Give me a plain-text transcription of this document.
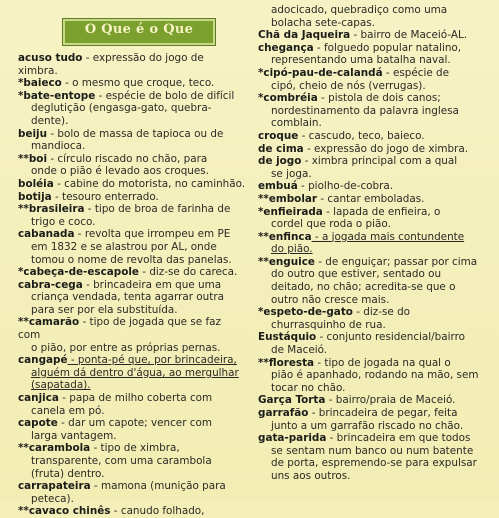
O Que é o Que

acuso tudo - expressão do jogo de ximbra.

*baieco - o mesmo que croque, teco.

*bate-entope - espécie de bolo de difícil
deglutição (engasga-gato, quebra-dente).

beiju - bolo de massa de tapioca ou de
mandioca.

**boi - círculo riscado no chão, para
onde o pião é levado aos croques.

boléia - cabine do motorista, no caminhão.

botija - tesouro enterrado.

**brasileira - tipo de broa de farinha de
trigo e coco.

cabanada - revolta que irrompeu em PE
em 1832 e se alastrou por AL, onde
tomou o nome de revolta das panelas.

*cabeça-de-escapole - diz-se do careca.

cabra-cega - brincadeira em que uma
criança vendada, tenta agarrar outra
para ser por ela substituída.

**camarão - tipo de jogada que se faz com
o pião, por entre as próprias pernas.

cangapé - ponta-pé que, por brincadeira,
alguém dá dentro d'água, ao mergulhar
(sapatada).

canjica - papa de milho coberta com
canela em pó.

capote - dar um capote; vencer com
larga vantagem.

**carambola - tipo de ximbra,
transparente, com uma carambola
(fruta) dentro.

carrapateira - mamona (munição para
peteca).

**cavaco chinês - canudo folhado,

adocicado, quebradiço como uma
bolacha sete-capas.

Chã da Jaqueira - bairro de Maceió-AL.

chegança - folguedo popular natalino,
representando uma batalha naval.

*cipó-pau-de-calandá - espécie de
cipó, cheio de nós (verrugas).

*combréia - pistola de dois canos;
nordestinamento da palavra inglesa
comblain.

croque - cascudo, teco, baieco.

de cima - expressão do jogo de ximbra.

de jogo - ximbra principal com a qual
se joga.

embuá - piolho-de-cobra.

**embolar - cantar emboladas.

*enfieirada - lapada de enfieira, o
cordel que roda o pião.

**enfinca - a jogada mais contundente
do pião.

**enguice - de enguiçar; passar por cima
do outro que estiver, sentado ou
deitado, no chão; acredita-se que o
outro não cresce mais.

*espeto-de-gato - diz-se do
churrasquinho de rua.

Eustáquio - conjunto residencial/bairro
de Maceió.

**floresta - tipo de jogada na qual o
pião é apanhado, rodando na mão, sem
tocar no chão.

Garça Torta - bairro/praia de Maceió.

garrafão - brincadeira de pegar, feita
junto a um garrafão riscado no chão.

gata-parida - brincadeira em que todos
se sentam num banco ou num batente
de porta, espremendo-se para expulsar
uns aos outros.
